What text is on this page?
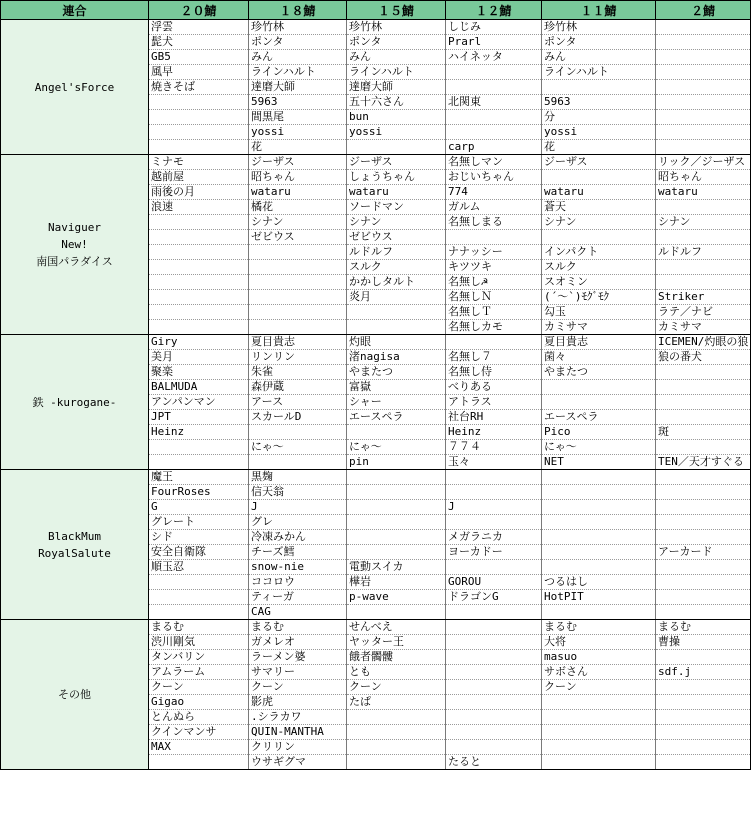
連合	２０鯖	１８鯖	１５鯖	１２鯖	１１鯖	２鯖

Angel'sForce	浮雲	珍竹林	珍竹林	しじみ	珍竹林	
	髭犬	ポンタ	ポンタ	Prarl	ポンタ	
	GB5	みん	みん	ハイネッタ	みん	
	風早	ラインハルト	ラインハルト		ラインハルト	
	焼きそば	達磨大師	達磨大師			
		5963	五十六さん	北関東	5963	
		間黒尾	bun		分	
		yossi	yossi		yossi	
		花		carp	花	

Naviguer
New!
南国パラダイス	ミナモ	ジーザス	ジーザス	名無しマン	ジーザス	リック／ジーザス
	越前屋	昭ちゃん	しょうちゃん	おじいちゃん		昭ちゃん
	雨後の月	wataru	wataru	774	wataru	wataru
	浪速	橘花	ソードマン	ガルム	蒼天	
		シナン	シナン	名無しまる	シナン	シナン
		ゼビウス	ゼビウス			
			ルドルフ	ナナッシー	インパクト	ルドルフ
			スルク	キツツキ	スルク	
			かかしタルト	名無し☭	スオミン	
			炎月	名無しＮ	(´～`)ﾓｸﾞﾓｸ	Striker
				名無しＴ	勾玉	ラテ／ナビ
				名無しカモ	カミサマ	カミサマ

鉄 -kurogane-	Giry	夏目貴志	灼眼		夏目貴志	ICEMEN/灼眼の狼
	美月	リンリン	渚nagisa	名無し７	菌々	狼の番犬
	聚楽	朱雀	やまたつ	名無し侍	やまたつ	
	BALMUDA	森伊蔵	富嶽	べりある		
	アンパンマン	アース	シャー	アトラス		
	JPT	スカールD	エースペラ	社台RH	エースペラ	
	Heinz			Heinz	Pico	斑
		にゃ～	にゃ～	７７４	にゃ～	
			pin	玉々	NET	TEN／天才すぐる

BlackMum
RoyalSalute	魔王	黒麹				
	FourRoses	信天翁				
	G	J		J		
	グレート	グレ				
	シド	冷凍みかん		メガラニカ		
	安全自衛隊	チーズ鱈		ヨーカドー		アーカード
	順玉忍	snow-nie	電動スイカ			
		ココロウ	樺岩	GOROU	つるはし	
		ティーガ	p-wave	ドラゴンG	HotPIT	
		CAG				

その他	まるむ	まるむ	せんべえ		まるむ	まるむ
	渋川剛気	ガメレオ	ヤッター王		大将	曹操
	タンバリン	ラーメン婆	餓者髑髏		masuo	
	アムラーム	サマリー	とも		サボさん	sdf.j
	クーン	クーン	クーン		クーン	
	Gigao	影虎	たぱ			
	とんぬら	.シラカワ				
	クインマンサ	QUIN-MANTHA				
	MAX	クリリン				
		ウサギグマ		たると		
